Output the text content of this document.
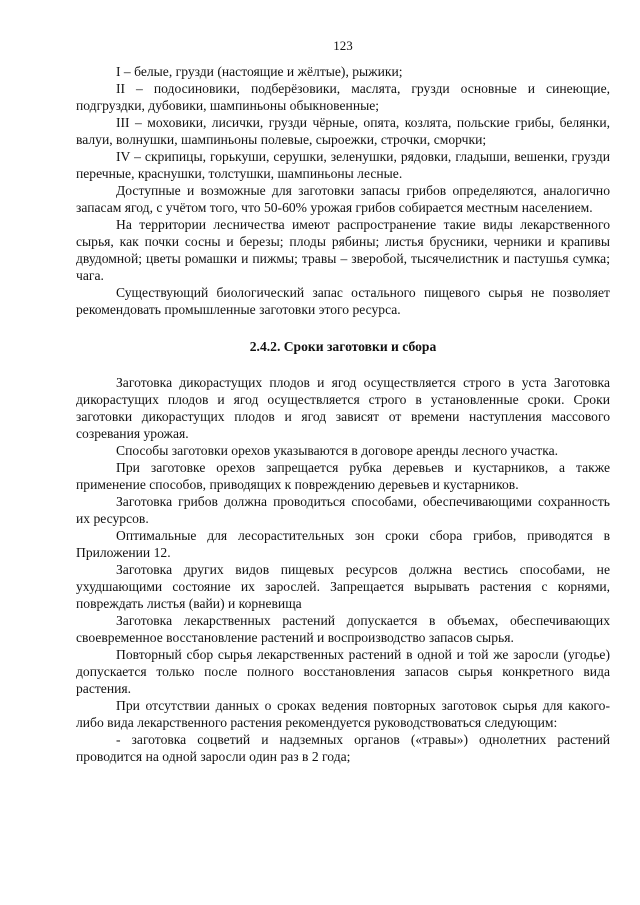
123

I – белые, грузди (настоящие и жёлтые), рыжики;

II – подосиновики, подберёзовики, маслята, грузди основные и синеющие, подгруздки, дубовики, шампиньоны обыкновенные;

III – моховики, лисички, грузди чёрные, опята, козлята, польские грибы, белянки, валуи, волнушки, шампиньоны полевые, сыроежки, строчки, сморчки;

IV – скрипицы, горькуши, серушки, зеленушки, рядовки, гладыши, вешенки, грузди перечные, краснушки, толстушки, шампиньоны лесные.

Доступные и возможные для заготовки запасы грибов определяются, аналогично запасам ягод, с учётом того, что 50-60% урожая грибов собирается местным населением.

На территории лесничества имеют распространение такие виды лекарственного сырья, как почки сосны и березы; плоды рябины; листья брусники, черники и крапивы двудомной; цветы ромашки и пижмы; травы – зверобой, тысячелистник и пастушья сумка; чага.

Существующий биологический запас остального пищевого сырья не позволяет рекомендовать промышленные заготовки этого ресурса.

2.4.2. Сроки заготовки и сбора

Заготовка дикорастущих плодов и ягод осуществляется строго в уста Заготовка дикорастущих плодов и ягод осуществляется строго в установленные сроки. Сроки заготовки дикорастущих плодов и ягод зависят от времени наступления массового созревания урожая.

Способы заготовки орехов указываются в договоре аренды лесного участка.

При заготовке орехов запрещается рубка деревьев и кустарников, а также применение способов, приводящих к повреждению деревьев и кустарников.

Заготовка грибов должна проводиться способами, обеспечивающими сохранность их ресурсов.

Оптимальные для лесорастительных зон сроки сбора грибов, приводятся в Приложении 12.

Заготовка других видов пищевых ресурсов должна вестись способами, не ухудшающими состояние их зарослей. Запрещается вырывать растения с корнями, повреждать листья (вайи) и корневища

Заготовка лекарственных растений допускается в объемах, обеспечивающих своевременное восстановление растений и воспроизводство запасов сырья.

Повторный сбор сырья лекарственных растений в одной и той же заросли (угодье) допускается только после полного восстановления запасов сырья конкретного вида растения.

При отсутствии данных о сроках ведения повторных заготовок сырья для какого-либо вида лекарственного растения рекомендуется руководствоваться следующим:

- заготовка соцветий и надземных органов («травы») однолетних растений проводится на одной заросли один раз в 2 года;
